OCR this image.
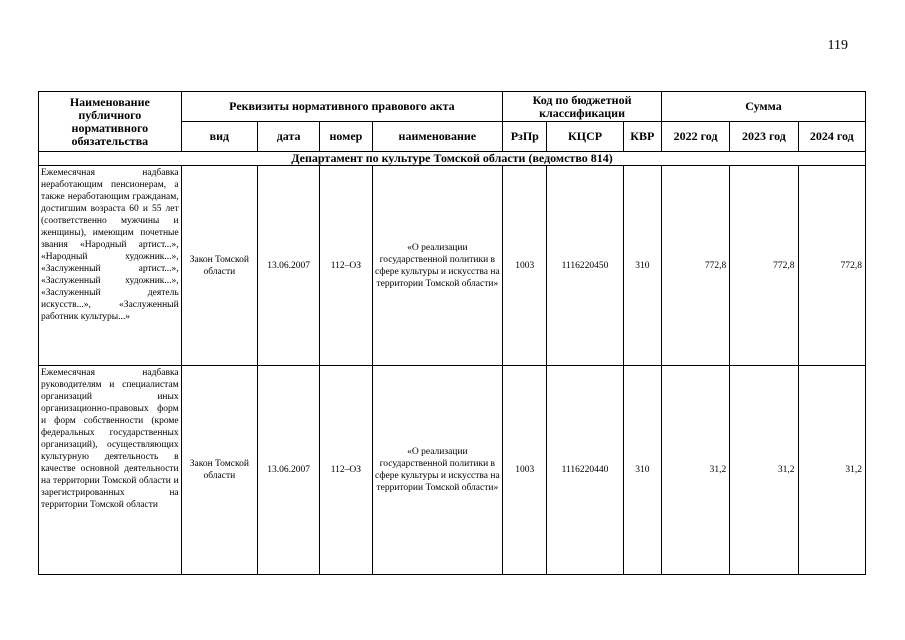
119
Наименование публичного нормативного обязательства	Реквизиты нормативного правового акта				Код по бюджетной классификации			Сумма		
	вид	дата	номер	наименование	РзПр	КЦСР	КВР	2022 год	2023 год	2024 год
Департамент по культуре Томской области (ведомство 814)										
Ежемесячная надбавка неработающим пенсионерам, а также неработающим гражданам, достигшим возраста 60 и 55 лет (соответственно мужчины и женщины), имеющим почетные звания «Народный артист...», «Народный художник...», «Заслуженный артист...», «Заслуженный художник...», «Заслуженный деятель искусств...», «Заслуженный работник культуры...»	Закон Томской области	13.06.2007	112–ОЗ	«О реализации государственной политики в сфере культуры и искусства на территории Томской области»	1003	1116220450	310	772,8	772,8	772,8
Ежемесячная надбавка руководителям и специалистам организаций иных организационно-правовых форм и форм собственности (кроме федеральных государственных организаций), осуществляющих культурную деятельность в качестве основной деятельности на территории Томской области и зарегистрированных на территории Томской области	Закон Томской области	13.06.2007	112–ОЗ	«О реализации государственной политики в сфере культуры и искусства на территории Томской области»	1003	1116220440	310	31,2	31,2	31,2
